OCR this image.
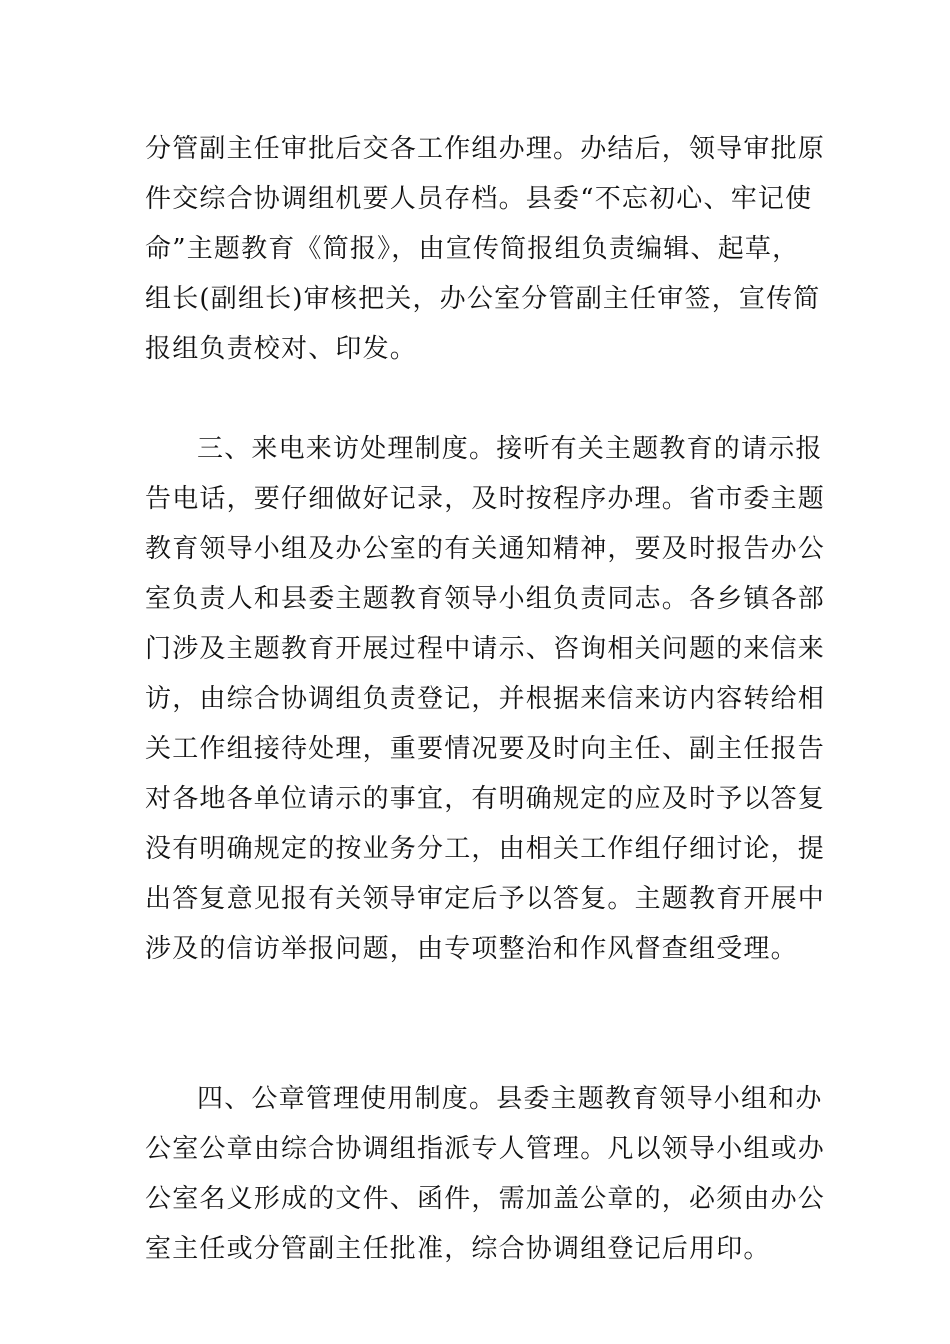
分管副主任审批后交各工作组办理。办结后，领导审批原
件交综合协调组机要人员存档。县委“不忘初心、牢记使
命”主题教育《简报》，由宣传简报组负责编辑、起草，
组长(副组长)审核把关，办公室分管副主任审签，宣传简
报组负责校对、印发。
三、来电来访处理制度。接听有关主题教育的请示报
告电话，要仔细做好记录，及时按程序办理。省市委主题
教育领导小组及办公室的有关通知精神，要及时报告办公
室负责人和县委主题教育领导小组负责同志。各乡镇各部
门涉及主题教育开展过程中请示、咨询相关问题的来信来
访，由综合协调组负责登记，并根据来信来访内容转给相
关工作组接待处理，重要情况要及时向主任、副主任报告
对各地各单位请示的事宜，有明确规定的应及时予以答复
没有明确规定的按业务分工，由相关工作组仔细讨论，提
出答复意见报有关领导审定后予以答复。主题教育开展中
涉及的信访举报问题，由专项整治和作风督查组受理。
四、公章管理使用制度。县委主题教育领导小组和办
公室公章由综合协调组指派专人管理。凡以领导小组或办
公室名义形成的文件、函件，需加盖公章的，必须由办公
室主任或分管副主任批准，综合协调组登记后用印。
